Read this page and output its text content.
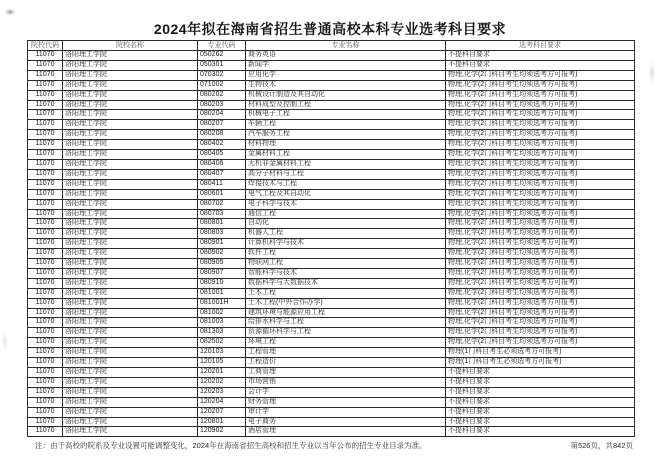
2024年拟在海南省招生普通高校本科专业选考科目要求
院校代码	院校名称	专业代码	专业名称	选考科目要求
11070	洛阳理工学院	050262	商务英语	不提科目要求
11070	洛阳理工学院	050301	新闻学	不提科目要求
11070	洛阳理工学院	070302	应用化学	物理,化学(2门科目考生均须选考方可报考)
11070	洛阳理工学院	071002	生物技术	物理,化学(2门科目考生均须选考方可报考)
11070	洛阳理工学院	080202	机械设计制造及其自动化	物理,化学(2门科目考生均须选考方可报考)
11070	洛阳理工学院	080203	材料成型及控制工程	物理,化学(2门科目考生均须选考方可报考)
11070	洛阳理工学院	080204	机械电子工程	物理,化学(2门科目考生均须选考方可报考)
11070	洛阳理工学院	080207	车辆工程	物理,化学(2门科目考生均须选考方可报考)
11070	洛阳理工学院	080208	汽车服务工程	物理,化学(2门科目考生均须选考方可报考)
11070	洛阳理工学院	080402	材料物理	物理,化学(2门科目考生均须选考方可报考)
11070	洛阳理工学院	080405	金属材料工程	物理,化学(2门科目考生均须选考方可报考)
11070	洛阳理工学院	080406	无机非金属材料工程	物理,化学(2门科目考生均须选考方可报考)
11070	洛阳理工学院	080407	高分子材料与工程	物理,化学(2门科目考生均须选考方可报考)
11070	洛阳理工学院	080411	焊接技术与工程	物理,化学(2门科目考生均须选考方可报考)
11070	洛阳理工学院	080601	电气工程及其自动化	物理,化学(2门科目考生均须选考方可报考)
11070	洛阳理工学院	080702	电子科学与技术	物理,化学(2门科目考生均须选考方可报考)
11070	洛阳理工学院	080703	通信工程	物理,化学(2门科目考生均须选考方可报考)
11070	洛阳理工学院	080801	自动化	物理,化学(2门科目考生均须选考方可报考)
11070	洛阳理工学院	080803	机器人工程	物理,化学(2门科目考生均须选考方可报考)
11070	洛阳理工学院	080901	计算机科学与技术	物理,化学(2门科目考生均须选考方可报考)
11070	洛阳理工学院	080902	软件工程	物理,化学(2门科目考生均须选考方可报考)
11070	洛阳理工学院	080905	物联网工程	物理,化学(2门科目考生均须选考方可报考)
11070	洛阳理工学院	080907	智能科学与技术	物理,化学(2门科目考生均须选考方可报考)
11070	洛阳理工学院	080910	数据科学与大数据技术	物理,化学(2门科目考生均须选考方可报考)
11070	洛阳理工学院	081001	土木工程	物理,化学(2门科目考生均须选考方可报考)
11070	洛阳理工学院	081001H	土木工程(中外合作办学)	物理,化学(2门科目考生均须选考方可报考)
11070	洛阳理工学院	081002	建筑环境与能源应用工程	物理,化学(2门科目考生均须选考方可报考)
11070	洛阳理工学院	081003	给排水科学与工程	物理,化学(2门科目考生均须选考方可报考)
11070	洛阳理工学院	081303	资源循环科学与工程	物理,化学(2门科目考生均须选考方可报考)
11070	洛阳理工学院	082502	环境工程	物理,化学(2门科目考生均须选考方可报考)
11070	洛阳理工学院	120103	工程管理	物理(1门科目考生必须选考方可报考)
11070	洛阳理工学院	120105	工程造价	物理(1门科目考生必须选考方可报考)
11070	洛阳理工学院	120201	工商管理	不提科目要求
11070	洛阳理工学院	120202	市场营销	不提科目要求
11070	洛阳理工学院	120203	会计学	不提科目要求
11070	洛阳理工学院	120204	财务管理	不提科目要求
11070	洛阳理工学院	120207	审计学	不提科目要求
11070	洛阳理工学院	120801	电子商务	不提科目要求
11070	洛阳理工学院	120902	酒店管理	不提科目要求
注：由于高校的院系及专业设置可能调整变化，2024年在海南省招生高校和招生专业以当年公布的招生专业目录为准。	第526页，共842页
